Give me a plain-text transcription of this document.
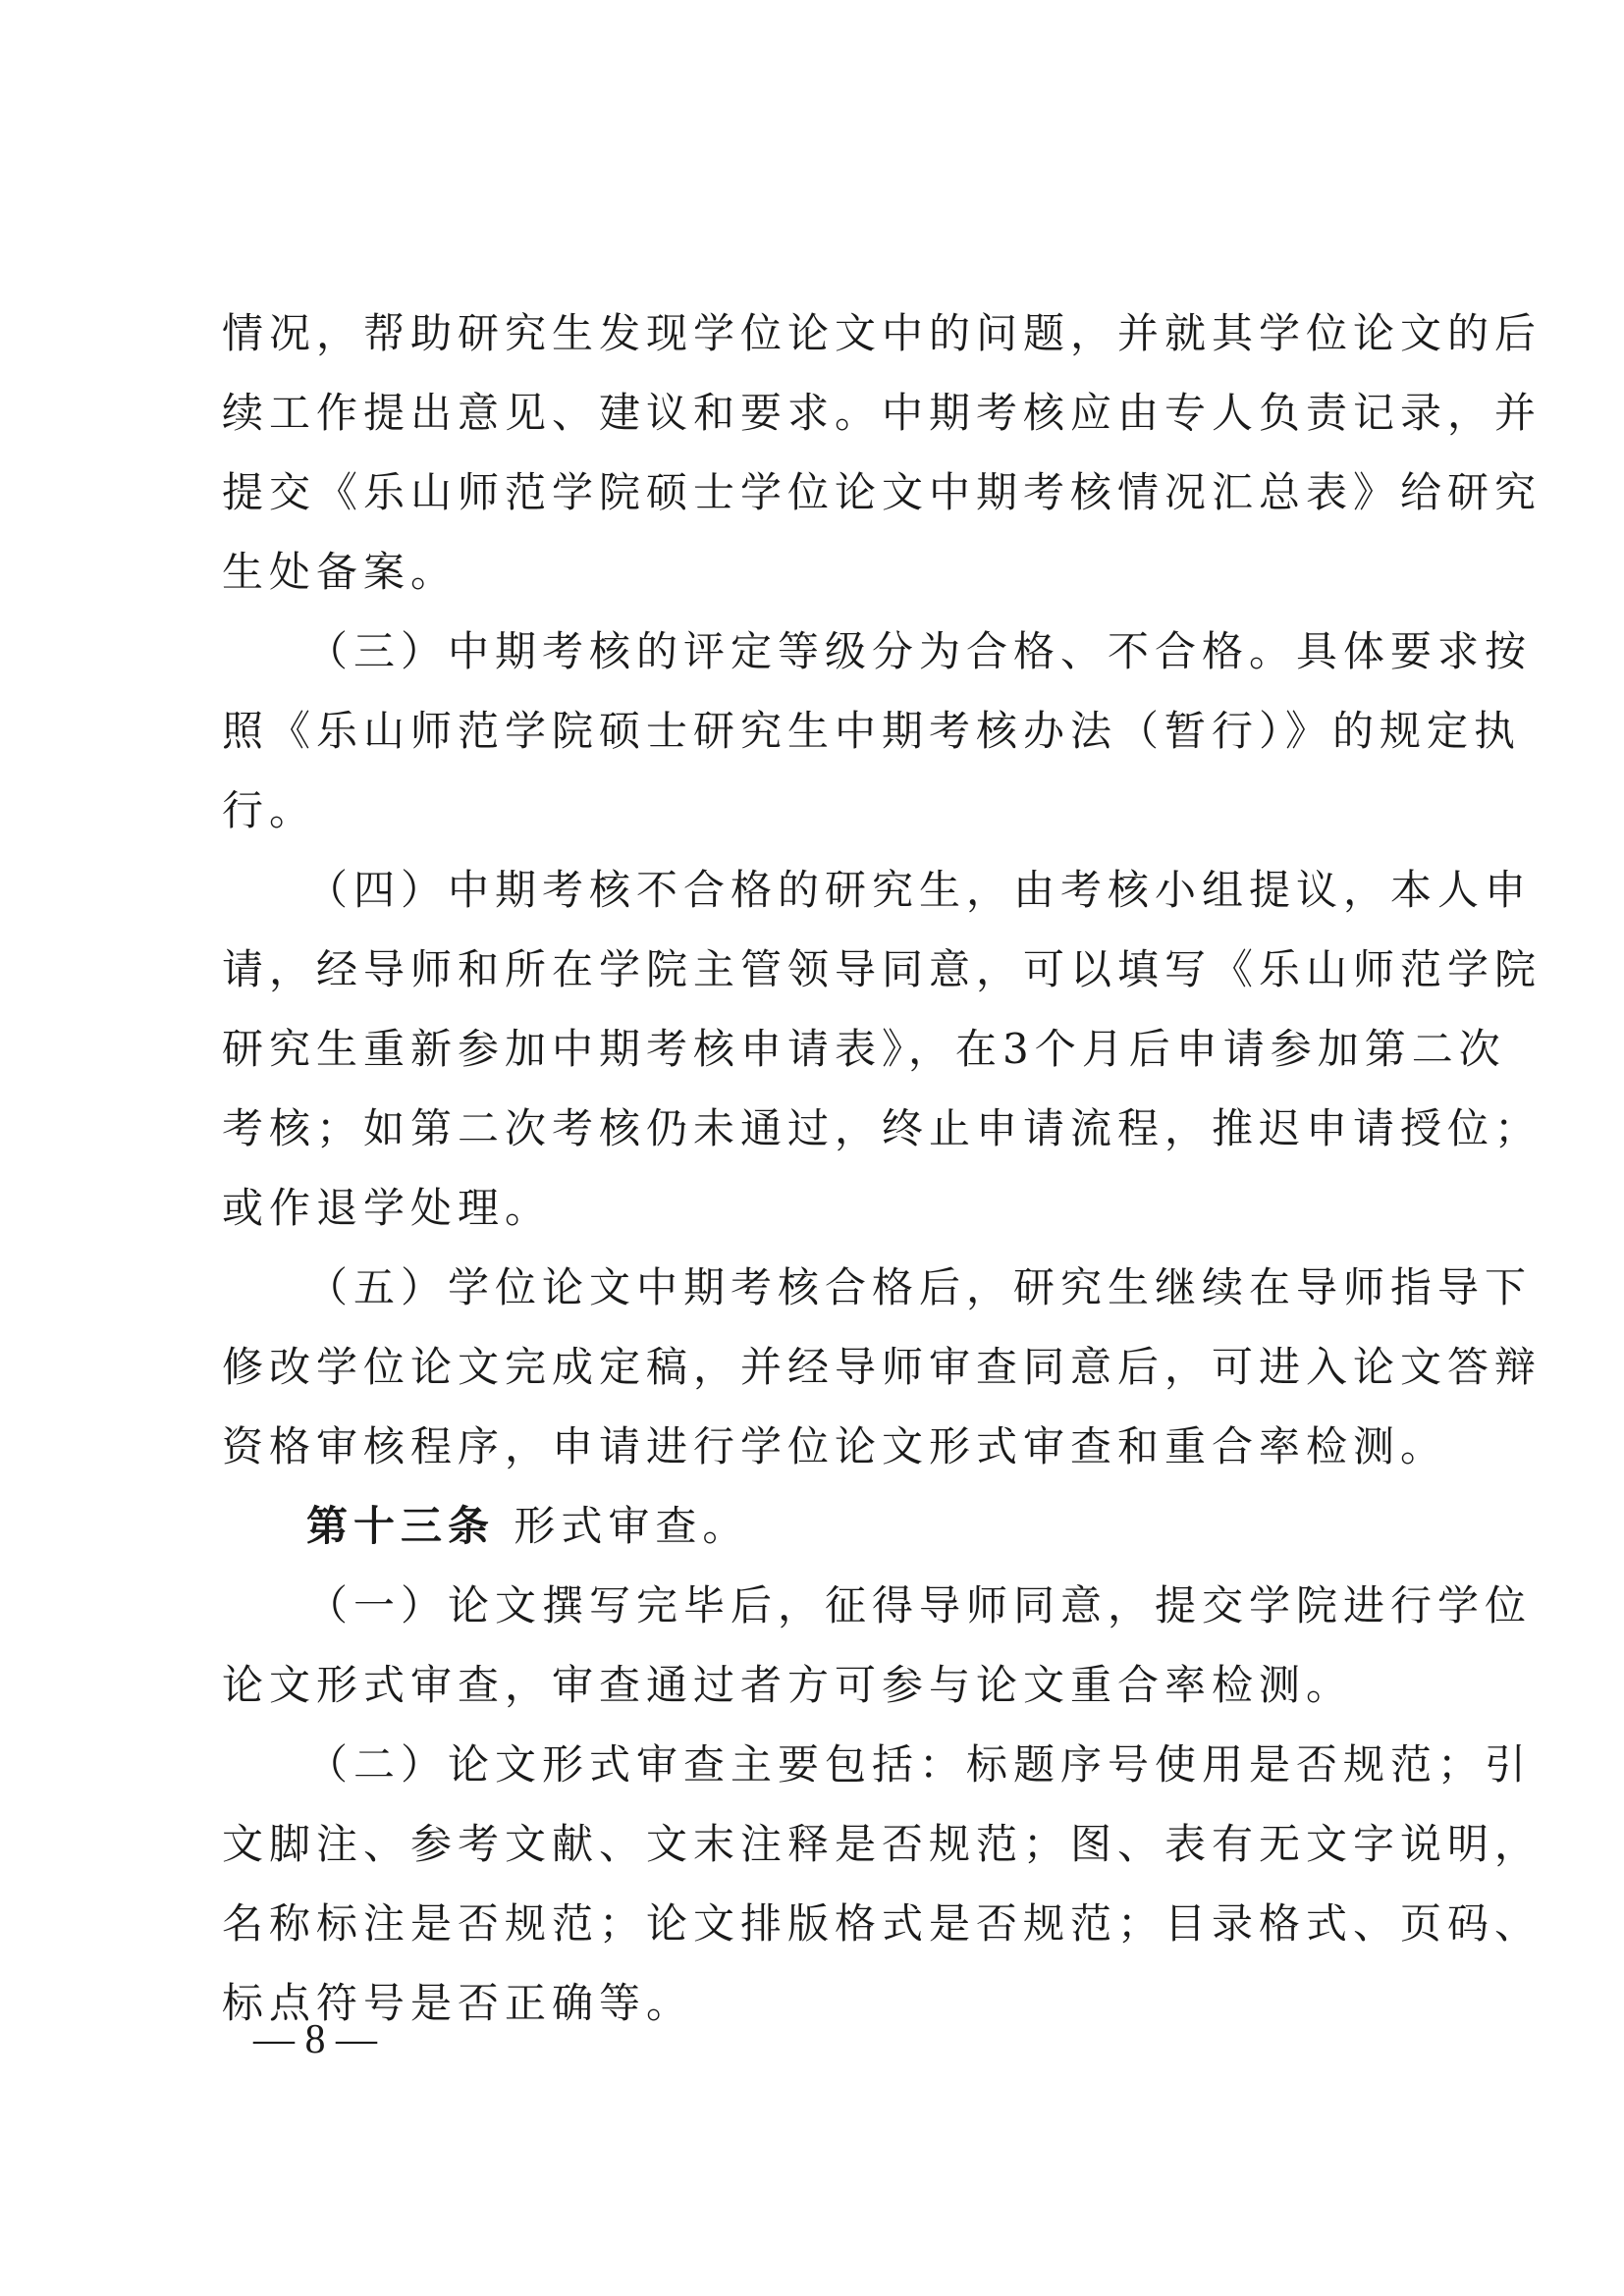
情况，帮助研究生发现学位论文中的问题，并就其学位论文的后
续工作提出意见、建议和要求。中期考核应由专人负责记录，并
提交《乐山师范学院硕士学位论文中期考核情况汇总表》给研究
生处备案。
（三）中期考核的评定等级分为合格、不合格。具体要求按
照《乐山师范学院硕士研究生中期考核办法（暂行）》的规定执
行。
（四）中期考核不合格的研究生，由考核小组提议，本人申
请，经导师和所在学院主管领导同意，可以填写《乐山师范学院
研究生重新参加中期考核申请表》，在3个月后申请参加第二次
考核；如第二次考核仍未通过，终止申请流程，推迟申请授位；
或作退学处理。
（五）学位论文中期考核合格后，研究生继续在导师指导下
修改学位论文完成定稿，并经导师审查同意后，可进入论文答辩
资格审核程序，申请进行学位论文形式审查和重合率检测。
第十三条 形式审查。
（一）论文撰写完毕后，征得导师同意，提交学院进行学位
论文形式审查，审查通过者方可参与论文重合率检测。
（二）论文形式审查主要包括：标题序号使用是否规范；引
文脚注、参考文献、文末注释是否规范；图、表有无文字说明，
名称标注是否规范；论文排版格式是否规范；目录格式、页码、
标点符号是否正确等。
— 8 —
